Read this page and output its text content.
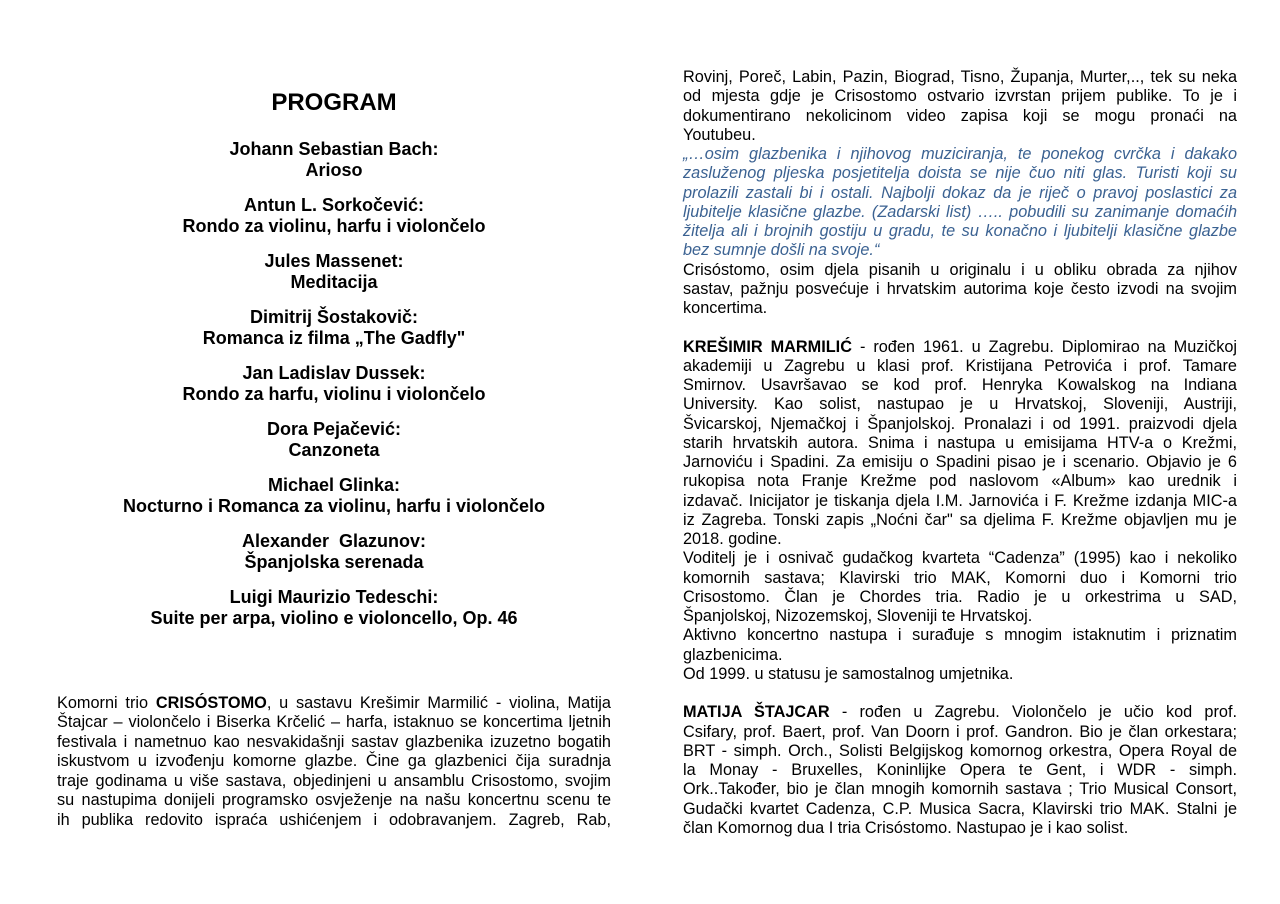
PROGRAM
Johann Sebastian Bach:
Arioso
Antun L. Sorkočević:
Rondo za violinu, harfu i violončelo
Jules Massenet:
Meditacija
Dimitrij Šostakovič:
Romanca iz filma „The Gadfly"
Jan Ladislav Dussek:
Rondo za harfu, violinu i violončelo
Dora Pejačević:
Canzoneta
Michael Glinka:
Nocturno i Romanca za violinu, harfu i violončelo
Alexander  Glazunov:
Španjolska serenada
Luigi Maurizio Tedeschi:
Suite per arpa, violino e violoncello, Op. 46
Komorni trio CRISÓSTOMO, u sastavu Krešimir Marmilić - violina, Matija
Štajcar – violončelo i Biserka Krčelić – harfa, istaknuo se koncertima ljetnih
festivala i nametnuo kao nesvakidašnji sastav glazbenika izuzetno bogatih
iskustvom u izvođenju komorne glazbe. Čine ga glazbenici čija suradnja
traje godinama u više sastava, objedinjeni u ansamblu Crisostomo, svojim
su nastupima donijeli programsko osvježenje na našu koncertnu scenu te
ih publika redovito ispraća ushićenjem i odobravanjem. Zagreb, Rab,
Rovinj, Poreč, Labin, Pazin, Biograd, Tisno, Županja, Murter,.., tek su neka
od mjesta gdje je Crisostomo ostvario izvrstan prijem publike. To je i
dokumentirano nekolicinom video zapisa koji se mogu pronaći na
Youtubeu.
„…osim glazbenika i njihovog muziciranja, te ponekog cvrčka i dakako
zasluženog pljeska posjetitelja doista se nije čuo niti glas. Turisti koji su
prolazili zastali bi i ostali. Najbolji dokaz da je riječ o pravoj poslastici za
ljubitelje klasične glazbe. (Zadarski list) ….. pobudili su zanimanje domaćih
žitelja ali i brojnih gostiju u gradu, te su konačno i ljubitelji klasične glazbe
bez sumnje došli na svoje.“
Crisóstomo, osim djela pisanih u originalu i u obliku obrada za njihov
sastav, pažnju posvećuje i hrvatskim autorima koje često izvodi na svojim
koncertima.
KREŠIMIR MARMILIĆ - rođen 1961. u Zagrebu. Diplomirao na Muzičkoj
akademiji u Zagrebu u klasi prof. Kristijana Petrovića i prof. Tamare
Smirnov. Usavršavao se kod prof. Henryka Kowalskog na Indiana
University. Kao solist, nastupao je u Hrvatskoj, Sloveniji, Austriji,
Švicarskoj, Njemačkoj i Španjolskoj. Pronalazi i od 1991. praizvodi djela
starih hrvatskih autora. Snima i nastupa u emisijama HTV-a o Krežmi,
Jarnoviću i Spadini. Za emisiju o Spadini pisao je i scenario. Objavio je 6
rukopisa nota Franje Krežme pod naslovom «Album» kao urednik i
izdavač. Inicijator je tiskanja djela I.M. Jarnovića i F. Krežme izdanja MIC-a
iz Zagreba. Tonski zapis „Noćni čar" sa djelima F. Krežme objavljen mu je
2018. godine.
Voditelj je i osnivač gudačkog kvarteta “Cadenza” (1995) kao i nekoliko
komornih sastava; Klavirski trio MAK, Komorni duo i Komorni trio
Crisostomo. Član je Chordes tria. Radio je u orkestrima u SAD,
Španjolskoj, Nizozemskoj, Sloveniji te Hrvatskoj.
Aktivno koncertno nastupa i surađuje s mnogim istaknutim i priznatim
glazbenicima.
Od 1999. u statusu je samostalnog umjetnika.
MATIJA ŠTAJCAR - rođen u Zagrebu. Violončelo je učio kod prof.
Csifary, prof. Baert, prof. Van Doorn i prof. Gandron. Bio je član orkestara;
BRT - simph. Orch., Solisti Belgijskog komornog orkestra, Opera Royal de
la Monay - Bruxelles, Koninlijke Opera te Gent, i WDR - simph.
Ork..Također, bio je član mnogih komornih sastava ; Trio Musical Consort,
Gudački kvartet Cadenza, C.P. Musica Sacra, Klavirski trio MAK. Stalni je
član Komornog dua I tria Crisóstomo. Nastupao je i kao solist.
